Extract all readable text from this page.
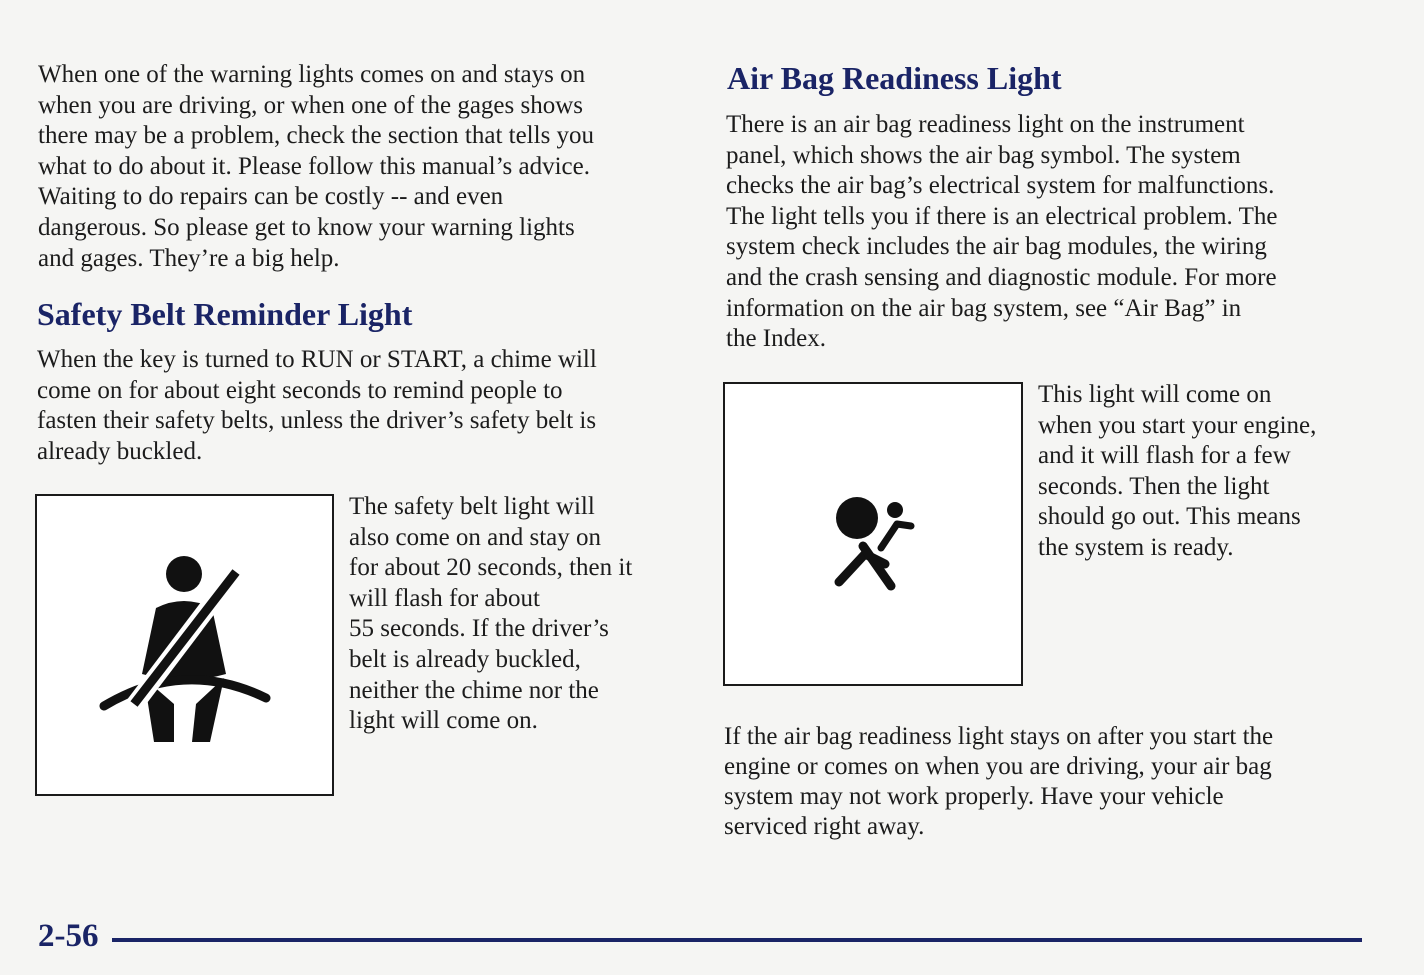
When one of the warning lights comes on and stays on
when you are driving, or when one of the gages shows
there may be a problem, check the section that tells you
what to do about it. Please follow this manual’s advice.
Waiting to do repairs can be costly -- and even
dangerous. So please get to know your warning lights
and gages. They’re a big help.

Safety Belt Reminder Light

When the key is turned to RUN or START, a chime will
come on for about eight seconds to remind people to
fasten their safety belts, unless the driver’s safety belt is
already buckled.

The safety belt light will
also come on and stay on
for about 20 seconds, then it
will flash for about
55 seconds. If the driver’s
belt is already buckled,
neither the chime nor the
light will come on.

Air Bag Readiness Light

There is an air bag readiness light on the instrument
panel, which shows the air bag symbol. The system
checks the air bag’s electrical system for malfunctions.
The light tells you if there is an electrical problem. The
system check includes the air bag modules, the wiring
and the crash sensing and diagnostic module. For more
information on the air bag system, see “Air Bag” in
the Index.

This light will come on
when you start your engine,
and it will flash for a few
seconds. Then the light
should go out. This means
the system is ready.

If the air bag readiness light stays on after you start the
engine or comes on when you are driving, your air bag
system may not work properly. Have your vehicle
serviced right away.

2-56
